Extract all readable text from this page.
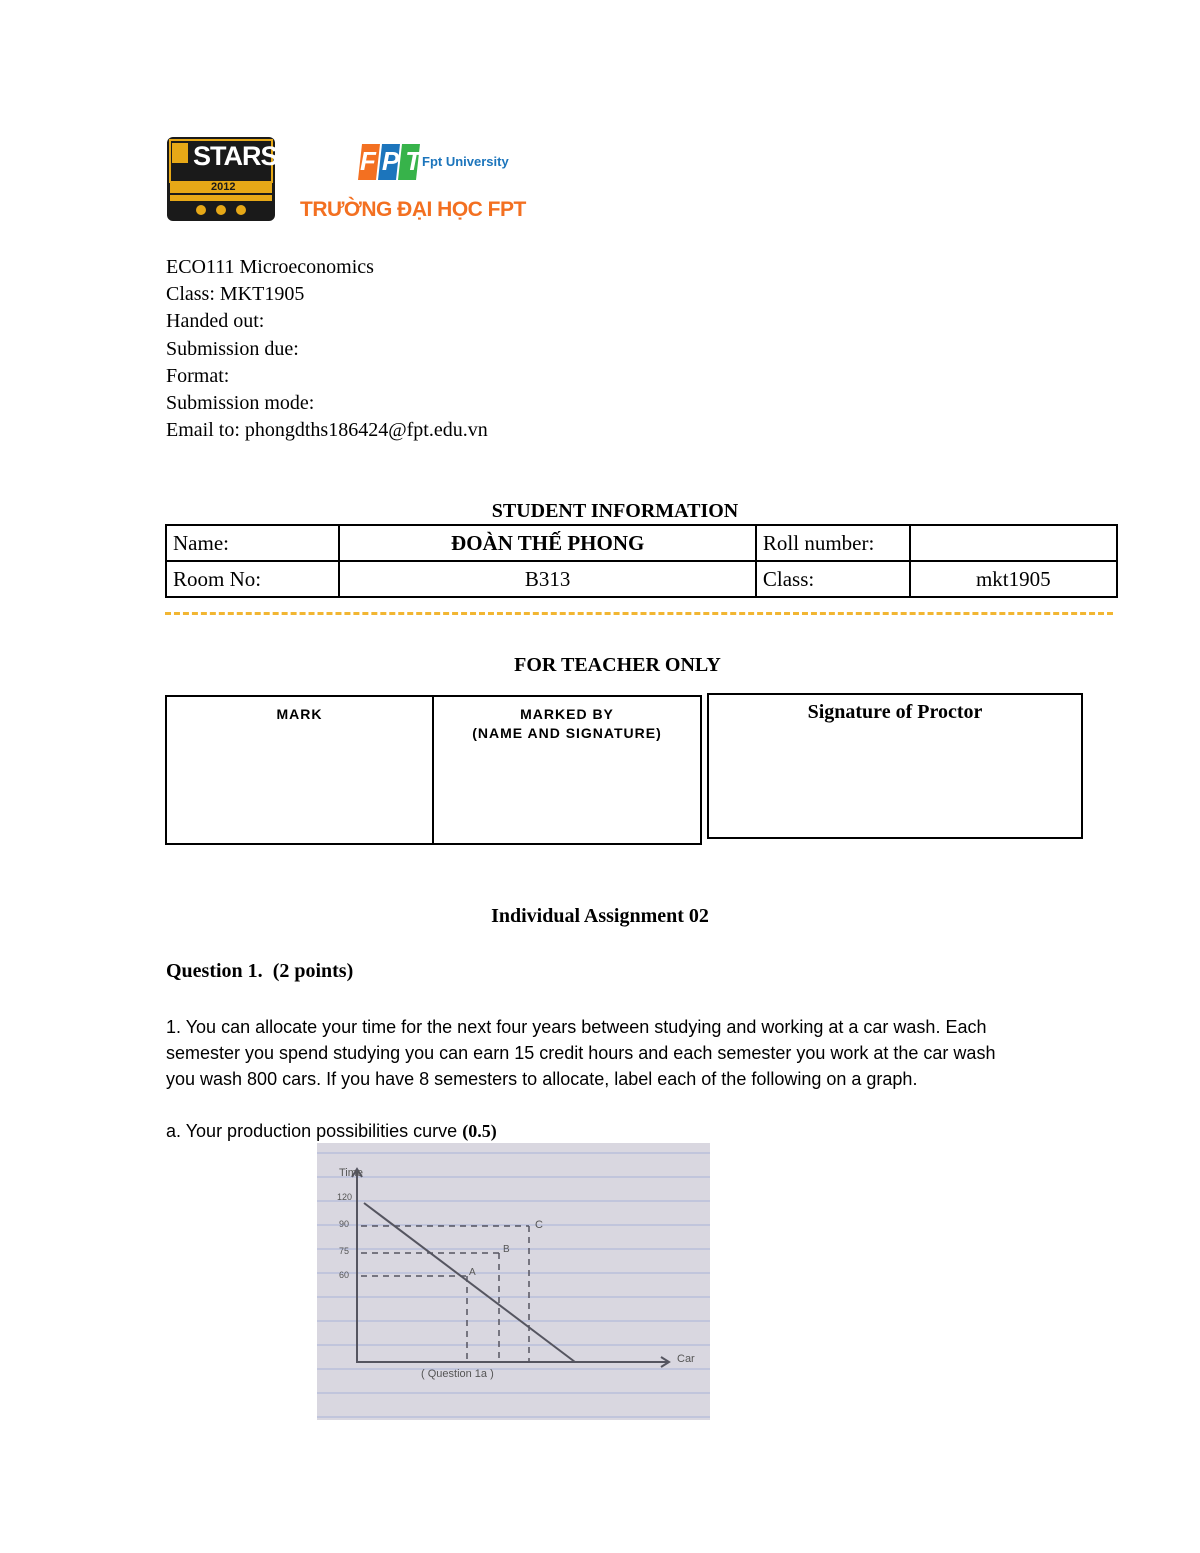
STARS
2012
FPT
Fpt University
TRƯỜNG ĐẠI HỌC FPT
ECO111 Microeconomics
Class: MKT1905
Handed out:
Submission due:
Format:
Submission mode:
Email to: phongdths186424@fpt.edu.vn
STUDENT INFORMATION
Name:	ĐOÀN THẾ PHONG	Roll number:	
Room No:	B313	Class:	mkt1905
FOR TEACHER ONLY
MARK	MARKED BY
(NAME AND SIGNATURE)
Signature of Proctor
Individual Assignment 02
Question 1. (2 points)
1. You can allocate your time for the next four years between studying and working at a car wash. Each semester you spend studying you can earn 15 credit hours and each semester you work at the car wash you wash 800 cars. If you have 8 semesters to allocate, label each of the following on a graph.
a. Your production possibilities curve (0.5)
Time
120
90
75
60	A
B
C
Car
( Question 1a )
